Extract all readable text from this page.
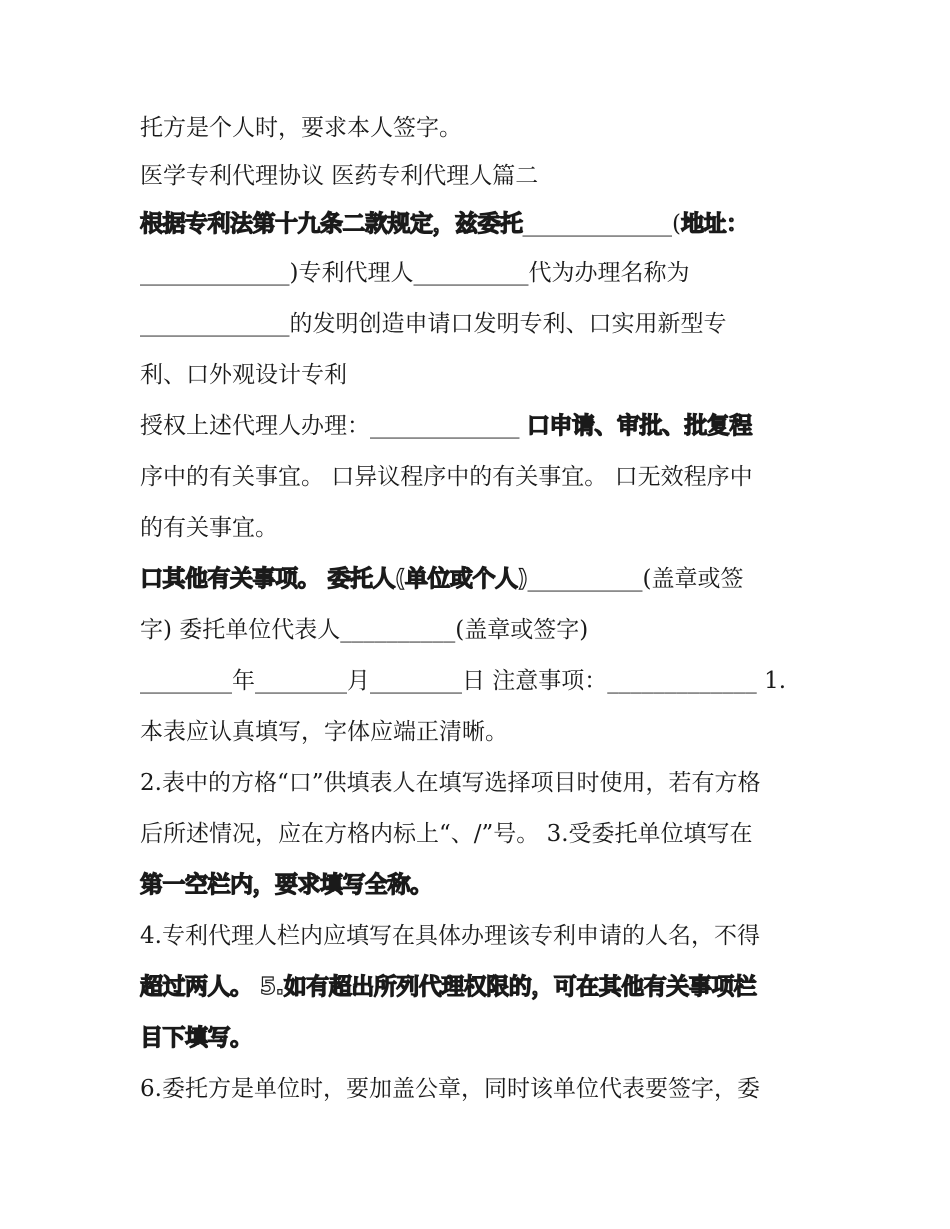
托方是个人时，要求本人签字。
医学专利代理协议 医药专利代理人篇二
根据专利法第十九条二款规定，兹委托_____________(地址：
_____________)专利代理人__________代为办理名称为
_____________的发明创造申请口发明专利、口实用新型专
利、口外观设计专利
授权上述代理人办理：_____________ 口申请、审批、批复程
序中的有关事宜。 口异议程序中的有关事宜。 口无效程序中
的有关事宜。
口其他有关事项。 委托人(单位或个人)__________(盖章或签
字) 委托单位代表人__________(盖章或签字)
________年________月________日 注意事项：_____________ 1.
本表应认真填写，字体应端正清晰。
2.表中的方格“口”供填表人在填写选择项目时使用，若有方格
后所述情况，应在方格内标上“、/”号。 3.受委托单位填写在
第一空栏内，要求填写全称。
4.专利代理人栏内应填写在具体办理该专利申请的人名，不得
超过两人。 5.如有超出所列代理权限的，可在其他有关事项栏
目下填写。
6.委托方是单位时，要加盖公章，同时该单位代表要签字，委
